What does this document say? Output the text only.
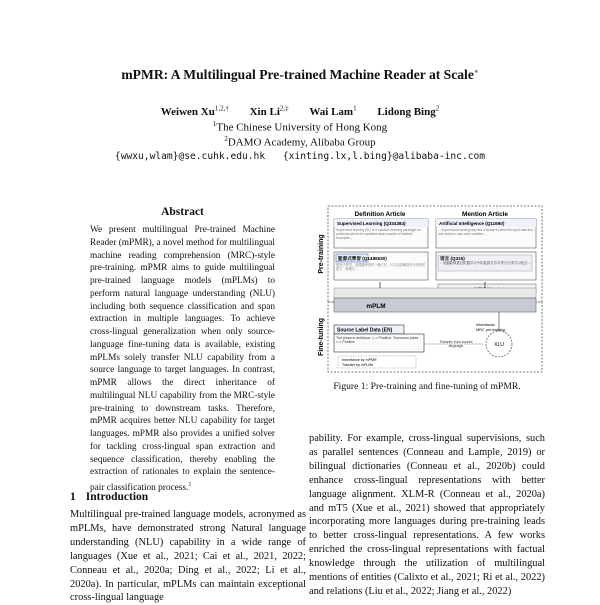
mPMR: A Multilingual Pre-trained Machine Reader at Scale∗
Weiwen $Xu^{1,2,\dagger}$ Xin $Li^{2,\ddagger}$ Wai Lam$^1$ Lidong Bing$^2$
$^1$The Chinese University of Hong Kong
$^2$DAMO Academy, Alibaba Group
{wwxu,wlam}@se.cuhk.edu.hk {xinting.lx,l.bing}@alibaba-inc.com
Abstract
We present multilingual Pre-trained Machine Reader (mPMR), a novel method for multilingual machine reading comprehension (MRC)-style pre-training. mPMR aims to guide multilingual pre-trained language models (mPLMs) to perform natural language understanding (NLU) including both sequence classification and span extraction in multiple languages. To achieve cross-lingual generalization when only source-language fine-tuning data is available, existing mPLMs solely transfer NLU capability from a source language to target languages. In contrast, mPMR allows the direct inheritance of multilingual NLU capability from the MRC-style pre-training to downstream tasks. Therefore, mPMR acquires better NLU capability for target languages. mPMR also provides a unified solver for tackling cross-lingual span extraction and sequence classification, thereby enabling the extraction of rationales to explain the sentence-pair classification process.$^1$
1 Introduction
Multilingual pre-trained language models, acronymed as mPLMs, have demonstrated strong Natural language understanding (NLU) capability in a wide range of languages (Xue et al., 2021; Cai et al., 2021, 2022; Conneau et al., 2020a; Ding et al., 2022; Li et al., 2020a). In particular, mPLMs can maintain exceptional cross-lingual language
pability. For example, cross-lingual supervisions, such as parallel sentences (Conneau and Lample, 2019) or bilingual dictionaries (Conneau et al., 2020b) could enhance cross-lingual representations with better language alignment. XLM-R (Conneau et al., 2020a) and mT5 (Xue et al., 2021) showed that appropriately incorporating more languages during pre-training leads to better cross-lingual representations. A few works enriched the cross-lingual representations with factual knowledge through the utilization of multilingual mentions of entities (Calixto et al., 2021; Ri et al., 2022) and relations (Liu et al., 2022; Jiang et al., 2022)
Pre-training
Fine-tuning
Definition Article	Mention Article
Supervised Learning (Q334384)
Supervised learning (SL) is a machine learning paradigm for problems where the available data consists of labelled examples...
監督式學習 (Q1486630)
監督式學習，是機器學習的一種方法，可以由訓練資料中學到或建立一個模式...
Artificial Intelligence (Q11660)
... Supervised learning requires a human to label the input data first, and comes in two main varieties ...
语言 (Q315)
... 电脑能够通过机器学习中的监督式学习等方法来学习语言...
mPLM
Source Label Data (EN)
The pizza is delicious. <-> Positive. Tomorrow pizza <-> Positive	XLU
Inheritance
MRC pre-training
Transfer from source language
Inheritance by mPMR
Transfer by mPLMs
Figure 1: Pre-training and fine-tuning of mPMR.
